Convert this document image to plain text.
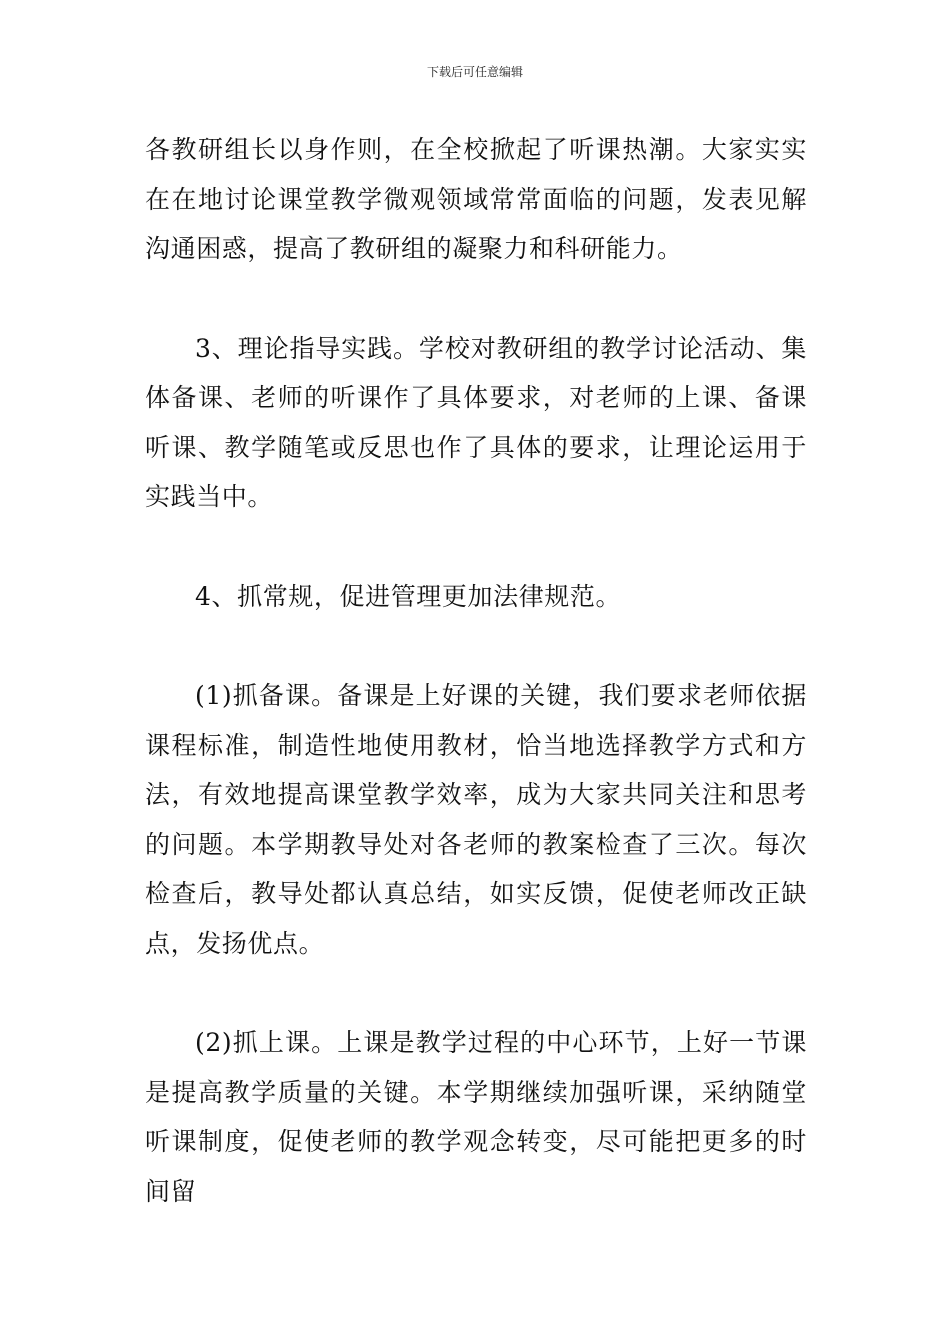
下载后可任意编辑

各教研组长以身作则，在全校掀起了听课热潮。大家实实在在地讨论课堂教学微观领域常常面临的问题，发表见解沟通困惑，提高了教研组的凝聚力和科研能力。

3、理论指导实践。学校对教研组的教学讨论活动、集体备课、老师的听课作了具体要求，对老师的上课、备课听课、教学随笔或反思也作了具体的要求，让理论运用于实践当中。

4、抓常规，促进管理更加法律规范。

(1)抓备课。备课是上好课的关键，我们要求老师依据课程标准，制造性地使用教材，恰当地选择教学方式和方法，有效地提高课堂教学效率，成为大家共同关注和思考的问题。本学期教导处对各老师的教案检查了三次。每次检查后，教导处都认真总结，如实反馈，促使老师改正缺点，发扬优点。

(2)抓上课。上课是教学过程的中心环节，上好一节课是提高教学质量的关键。本学期继续加强听课，采纳随堂听课制度，促使老师的教学观念转变，尽可能把更多的时间留
